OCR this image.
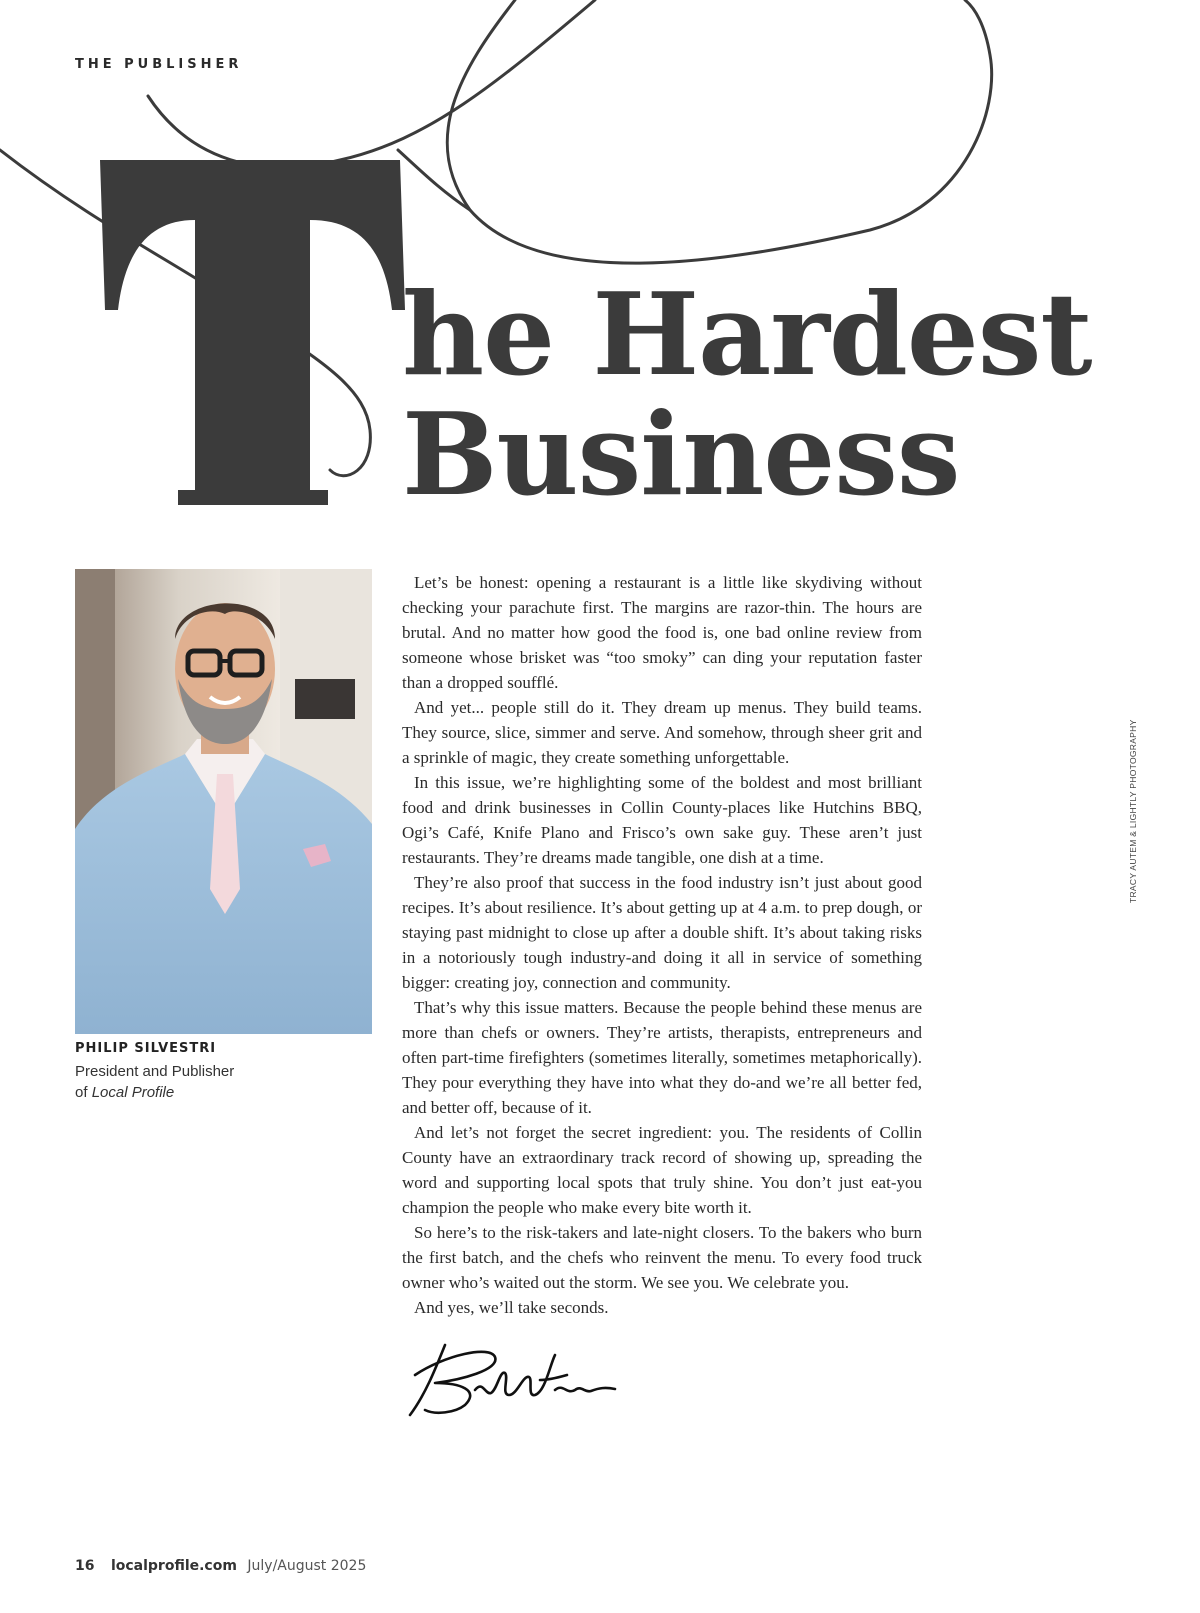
THE PUBLISHER
he Hardest
Business
PHILIP SILVESTRI
President and Publisher
of Local Profile

Let’s be honest: opening a restaurant is a little like skydiving without checking your parachute first. The margins are razor-thin. The hours are brutal. And no matter how good the food is, one bad online review from someone whose brisket was “too smoky” can ding your reputation faster than a dropped soufflé.

And yet... people still do it. They dream up menus. They build teams. They source, slice, simmer and serve. And somehow, through sheer grit and a sprinkle of magic, they create something unforgettable.

In this issue, we’re highlighting some of the boldest and most brilliant food and drink businesses in Collin County-places like Hutchins BBQ, Ogi’s Café, Knife Plano and Frisco’s own sake guy. These aren’t just restaurants. They’re dreams made tangible, one dish at a time.

They’re also proof that success in the food industry isn’t just about good recipes. It’s about resilience. It’s about getting up at 4 a.m. to prep dough, or staying past midnight to close up after a double shift. It’s about taking risks in a notoriously tough industry-and doing it all in service of something bigger: creating joy, connection and community.

That’s why this issue matters. Because the people behind these menus are more than chefs or owners. They’re artists, therapists, entrepreneurs and often part-time firefighters (sometimes literally, sometimes metaphorically). They pour everything they have into what they do-and we’re all better fed, and better off, because of it.

And let’s not forget the secret ingredient: you. The residents of Collin County have an extraordinary track record of showing up, spreading the word and supporting local spots that truly shine. You don’t just eat-you champion the people who make every bite worth it.

So here’s to the risk-takers and late-night closers. To the bakers who burn the first batch, and the chefs who reinvent the menu. To every food truck owner who’s waited out the storm. We see you. We celebrate you.

And yes, we’ll take seconds.

TRACY AUTEM & LIGHTLY PHOTOGRAPHY
16 localprofile.com July/August 2025
